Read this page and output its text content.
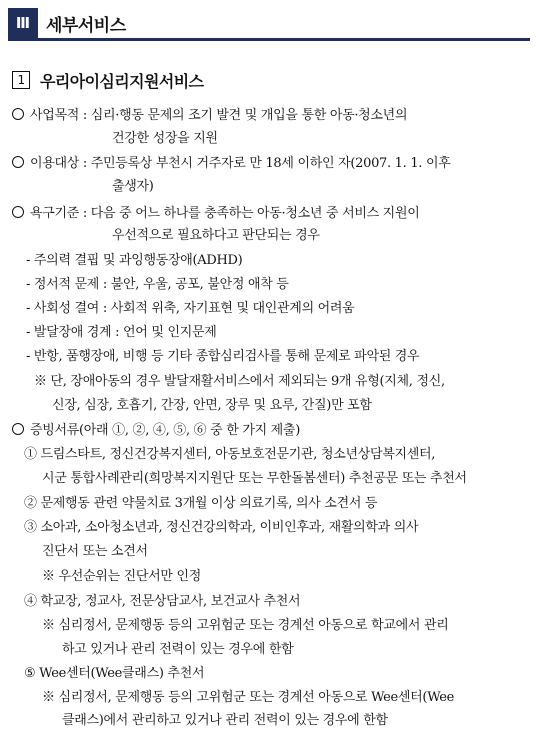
Ⅲ 세부서비스
1 우리아이심리지원서비스
사업목적 : 심리·행동 문제의 조기 발견 및 개입을 통한 아동·청소년의
건강한 성장을 지원
이용대상 : 주민등록상 부천시 거주자로 만 18세 이하인 자(2007. 1. 1. 이후
출생자)
욕구기준 : 다음 중 어느 하나를 충족하는 아동·청소년 중 서비스 지원이
우선적으로 필요하다고 판단되는 경우
- 주의력 결핍 및 과잉행동장애(ADHD)
- 정서적 문제 : 불안, 우울, 공포, 불안정 애착 등
- 사회성 결여 : 사회적 위축, 자기표현 및 대인관계의 어려움
- 발달장애 경계 : 언어 및 인지문제
- 반항, 품행장애, 비행 등 기타 종합심리검사를 통해 문제로 파악된 경우
※ 단, 장애아동의 경우 발달재활서비스에서 제외되는 9개 유형(지체, 정신,
신장, 심장, 호흡기, 간장, 안면, 장루 및 요루, 간질)만 포함
증빙서류(아래 ①, ②, ④, ⑤, ⑥ 중 한 가지 제출)
① 드림스타트, 정신건강복지센터, 아동보호전문기관, 청소년상담복지센터,
시군 통합사례관리(희망복지지원단 또는 무한돌봄센터) 추천공문 또는 추천서
② 문제행동 관련 약물치료 3개월 이상 의료기록, 의사 소견서 등
③ 소아과, 소아청소년과, 정신건강의학과, 이비인후과, 재활의학과 의사
진단서 또는 소견서
※ 우선순위는 진단서만 인정
④ 학교장, 정교사, 전문상담교사, 보건교사 추천서
※ 심리정서, 문제행동 등의 고위험군 또는 경계선 아동으로 학교에서 관리
하고 있거나 관리 전력이 있는 경우에 한함
⑤ Wee센터(Wee클래스) 추천서
※ 심리정서, 문제행동 등의 고위험군 또는 경계선 아동으로 Wee센터(Wee
클래스)에서 관리하고 있거나 관리 전력이 있는 경우에 한함
